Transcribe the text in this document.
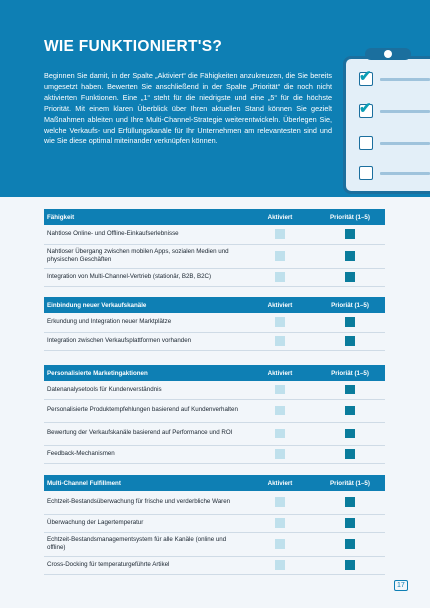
WIE FUNKTIONIERT'S?
Beginnen Sie damit, in der Spalte „Aktiviert“ die Fähigkeiten anzukreuzen, die Sie bereits umgesetzt haben. Bewerten Sie anschließend in der Spalte „Priorität“ die noch nicht aktivierten Funktionen. Eine „1“ steht für die niedrigste und eine „5“ für die höchste Priorität. Mit einem klaren Überblick über Ihren aktuellen Stand können Sie gezielt Maßnahmen ableiten und Ihre Multi-Channel-Strategie weiterentwickeln. Überlegen Sie, welche Verkaufs- und Erfüllungskanäle für Ihr Unternehmen am relevantesten sind und wie Sie diese optimal miteinander verknüpfen können.
✔
✔
Fähigkeit	Aktiviert	Priorität (1–5)
Nahtlose Online- und Offline-Einkaufserlebnisse		
Nahtloser Übergang zwischen mobilen Apps, sozialen Medien und physischen Geschäften		
Integration von Multi-Channel-Vertrieb (stationär, B2B, B2C)		
Einbindung neuer Verkaufskanäle	Aktiviert	Prioriät (1–5)
Erkundung und Integration neuer Marktplätze		
Integration zwischen Verkaufsplattformen vorhanden		
Personalisierte Marketingaktionen	Aktiviert	Prioriät (1–5)
Datenanalysetools für Kundenverständnis		
Personalisierte Produktempfehlungen basierend auf Kundenverhalten		
Bewertung der Verkaufskanäle basierend auf Performance und ROI		
Feedback-Mechanismen		
Multi-Channel Fulfillment	Aktiviert	Priorität (1–5)
Echtzeit-Bestandsüberwachung für frische und verderbliche Waren		
Überwachung der Lagertemperatur		
Echtzeit-Bestandsmanagementsystem für alle Kanäle (online und offline)		
Cross-Docking für temperaturgeführte Artikel		
17
